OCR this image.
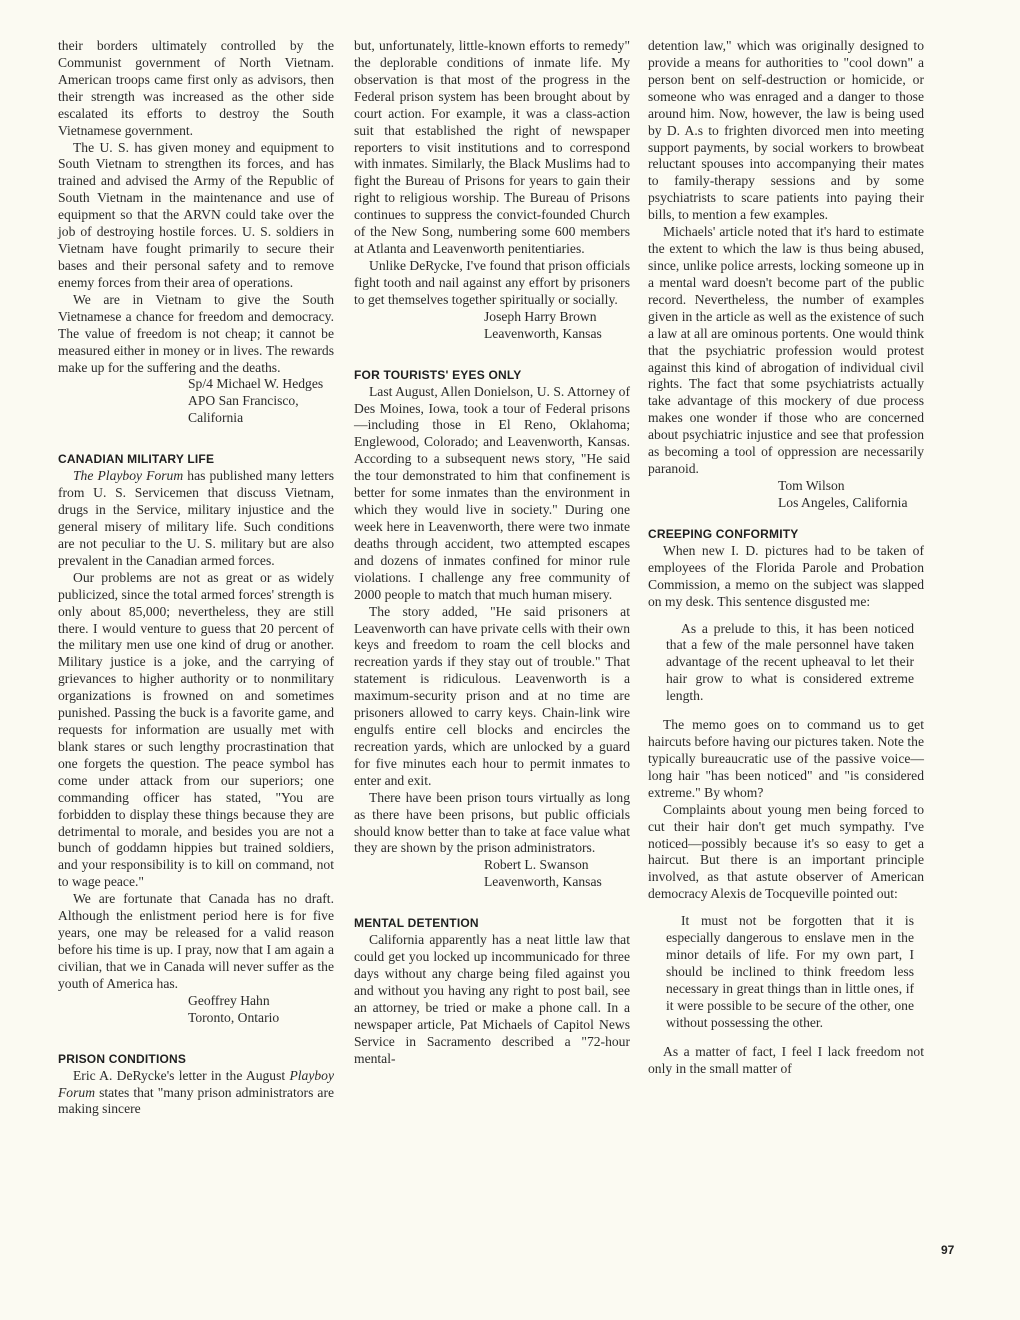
their borders ultimately controlled by the Communist government of North Vietnam. American troops came first only as advisors, then their strength was increased as the other side escalated its efforts to destroy the South Vietnamese government.

The U. S. has given money and equipment to South Vietnam to strengthen its forces, and has trained and advised the Army of the Republic of South Vietnam in the maintenance and use of equipment so that the ARVN could take over the job of destroying hostile forces. U. S. soldiers in Vietnam have fought primarily to secure their bases and their personal safety and to remove enemy forces from their area of operations.

We are in Vietnam to give the South Vietnamese a chance for freedom and democracy. The value of freedom is not cheap; it cannot be measured either in money or in lives. The rewards make up for the suffering and the deaths.

Sp/4 Michael W. Hedges
APO San Francisco, California
CANADIAN MILITARY LIFE

The Playboy Forum has published many letters from U. S. Servicemen that discuss Vietnam, drugs in the Service, military injustice and the general misery of military life. Such conditions are not peculiar to the U. S. military but are also prevalent in the Canadian armed forces.

Our problems are not as great or as widely publicized, since the total armed forces' strength is only about 85,000; nevertheless, they are still there. I would venture to guess that 20 percent of the military men use one kind of drug or another. Military justice is a joke, and the carrying of grievances to higher authority or to nonmilitary organizations is frowned on and sometimes punished. Passing the buck is a favorite game, and requests for information are usually met with blank stares or such lengthy procrastination that one forgets the question. The peace symbol has come under attack from our superiors; one commanding officer has stated, "You are forbidden to display these things because they are detrimental to morale, and besides you are not a bunch of goddamn hippies but trained soldiers, and your responsibility is to kill on command, not to wage peace."

We are fortunate that Canada has no draft. Although the enlistment period here is for five years, one may be released for a valid reason before his time is up. I pray, now that I am again a civilian, that we in Canada will never suffer as the youth of America has.

Geoffrey Hahn
Toronto, Ontario
PRISON CONDITIONS

Eric A. DeRycke's letter in the August Playboy Forum states that "many prison administrators are making sincere

but, unfortunately, little-known efforts to remedy" the deplorable conditions of inmate life. My observation is that most of the progress in the Federal prison system has been brought about by court action. For example, it was a class-action suit that established the right of newspaper reporters to visit institutions and to correspond with inmates. Similarly, the Black Muslims had to fight the Bureau of Prisons for years to gain their right to religious worship. The Bureau of Prisons continues to suppress the convict-founded Church of the New Song, numbering some 600 members at Atlanta and Leavenworth penitentiaries.

Unlike DeRycke, I've found that prison officials fight tooth and nail against any effort by prisoners to get themselves together spiritually or socially.

Joseph Harry Brown
Leavenworth, Kansas
FOR TOURISTS' EYES ONLY

Last August, Allen Donielson, U. S. Attorney of Des Moines, Iowa, took a tour of Federal prisons—including those in El Reno, Oklahoma; Englewood, Colorado; and Leavenworth, Kansas. According to a subsequent news story, "He said the tour demonstrated to him that confinement is better for some inmates than the environment in which they would live in society." During one week here in Leavenworth, there were two inmate deaths through accident, two attempted escapes and dozens of inmates confined for minor rule violations. I challenge any free community of 2000 people to match that much human misery.

The story added, "He said prisoners at Leavenworth can have private cells with their own keys and freedom to roam the cell blocks and recreation yards if they stay out of trouble." That statement is ridiculous. Leavenworth is a maximum-security prison and at no time are prisoners allowed to carry keys. Chain-link wire engulfs entire cell blocks and encircles the recreation yards, which are unlocked by a guard for five minutes each hour to permit inmates to enter and exit.

There have been prison tours virtually as long as there have been prisons, but public officials should know better than to take at face value what they are shown by the prison administrators.

Robert L. Swanson
Leavenworth, Kansas
MENTAL DETENTION

California apparently has a neat little law that could get you locked up incommunicado for three days without any charge being filed against you and without you having any right to post bail, see an attorney, be tried or make a phone call. In a newspaper article, Pat Michaels of Capitol News Service in Sacramento described a "72-hour mental-

detention law," which was originally designed to provide a means for authorities to "cool down" a person bent on self-destruction or homicide, or someone who was enraged and a danger to those around him. Now, however, the law is being used by D. A.s to frighten divorced men into meeting support payments, by social workers to browbeat reluctant spouses into accompanying their mates to family-therapy sessions and by some psychiatrists to scare patients into paying their bills, to mention a few examples.

Michaels' article noted that it's hard to estimate the extent to which the law is thus being abused, since, unlike police arrests, locking someone up in a mental ward doesn't become part of the public record. Nevertheless, the number of examples given in the article as well as the existence of such a law at all are ominous portents. One would think that the psychiatric profession would protest against this kind of abrogation of individual civil rights. The fact that some psychiatrists actually take advantage of this mockery of due process makes one wonder if those who are concerned about psychiatric injustice and see that profession as becoming a tool of oppression are necessarily paranoid.

Tom Wilson
Los Angeles, California
CREEPING CONFORMITY

When new I. D. pictures had to be taken of employees of the Florida Parole and Probation Commission, a memo on the subject was slapped on my desk. This sentence disgusted me:

As a prelude to this, it has been noticed that a few of the male personnel have taken advantage of the recent upheaval to let their hair grow to what is considered extreme length.

The memo goes on to command us to get haircuts before having our pictures taken. Note the typically bureaucratic use of the passive voice—long hair "has been noticed" and "is considered extreme." By whom?

Complaints about young men being forced to cut their hair don't get much sympathy. I've noticed—possibly because it's so easy to get a haircut. But there is an important principle involved, as that astute observer of American democracy Alexis de Tocqueville pointed out:

It must not be forgotten that it is especially dangerous to enslave men in the minor details of life. For my own part, I should be inclined to think freedom less necessary in great things than in little ones, if it were possible to be secure of the other, one without possessing the other.

As a matter of fact, I feel I lack freedom not only in the small matter of

97
